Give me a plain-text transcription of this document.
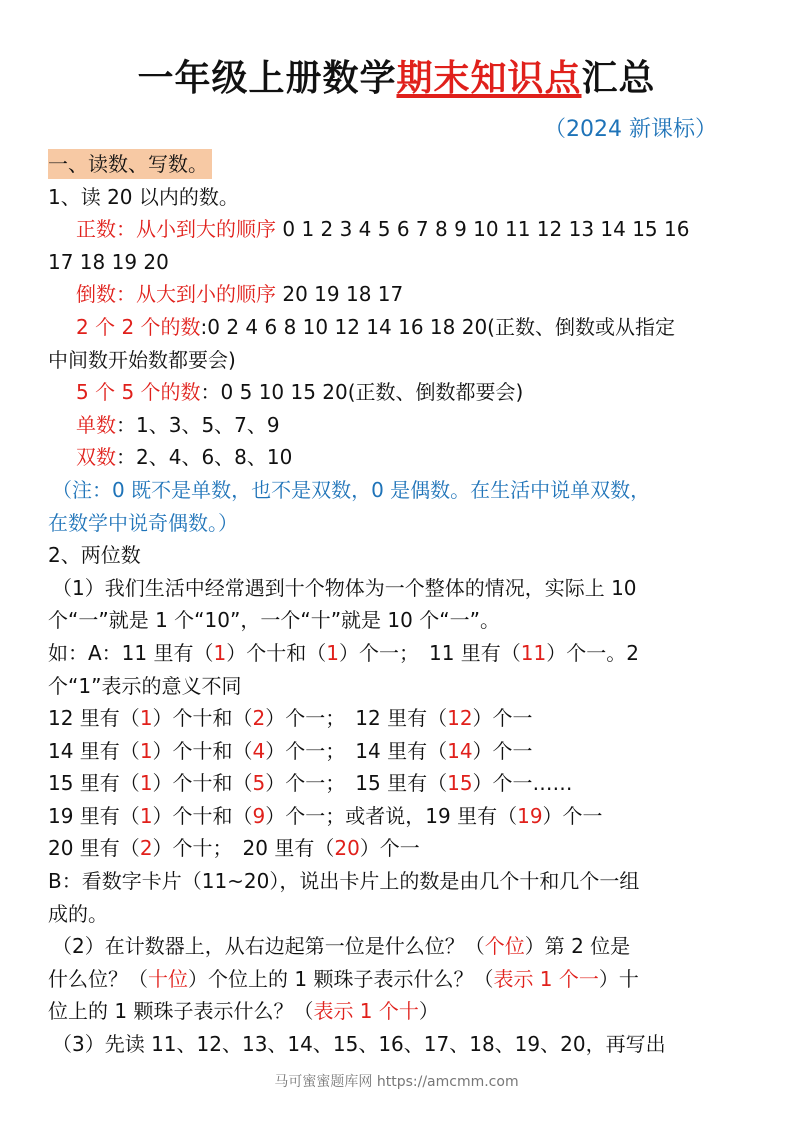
一年级上册数学期末知识点汇总
（2024 新课标）
一、读数、写数。
1、读 20 以内的数。
正数：从小到大的顺序 0 1 2 3 4 5 6 7 8 9 10 11 12 13 14 15 16
17 18 19 20
倒数：从大到小的顺序 20 19 18 17
2 个 2 个的数:0 2 4 6 8 10 12 14 16 18 20(正数、倒数或从指定
中间数开始数都要会)
5 个 5 个的数：0 5 10 15 20(正数、倒数都要会)
单数：1、3、5、7、9
双数：2、4、6、8、10
（注：0 既不是单数，也不是双数，0 是偶数。在生活中说单双数，
在数学中说奇偶数。）
2、两位数
（1）我们生活中经常遇到十个物体为一个整体的情况，实际上 10
个“一”就是 1 个“10”，一个“十”就是 10 个“一”。
如：A：11 里有（1）个十和（1）个一；　11 里有（11）个一。2
个“1”表示的意义不同
12 里有（1）个十和（2）个一；　12 里有（12）个一
14 里有（1）个十和（4）个一；　14 里有（14）个一
15 里有（1）个十和（5）个一；　15 里有（15）个一……
19 里有（1）个十和（9）个一；或者说，19 里有（19）个一
20 里有（2）个十；　20 里有（20）个一
B：看数字卡片（11~20），说出卡片上的数是由几个十和几个一组
成的。
（2）在计数器上，从右边起第一位是什么位？（个位）第 2 位是
什么位？（十位）个位上的 1 颗珠子表示什么？（表示 1 个一）十
位上的 1 颗珠子表示什么？（表示 1 个十）
（3）先读 11、12、13、14、15、16、17、18、19、20，再写出
马可蜜蜜题库网 https://amcmm.com
